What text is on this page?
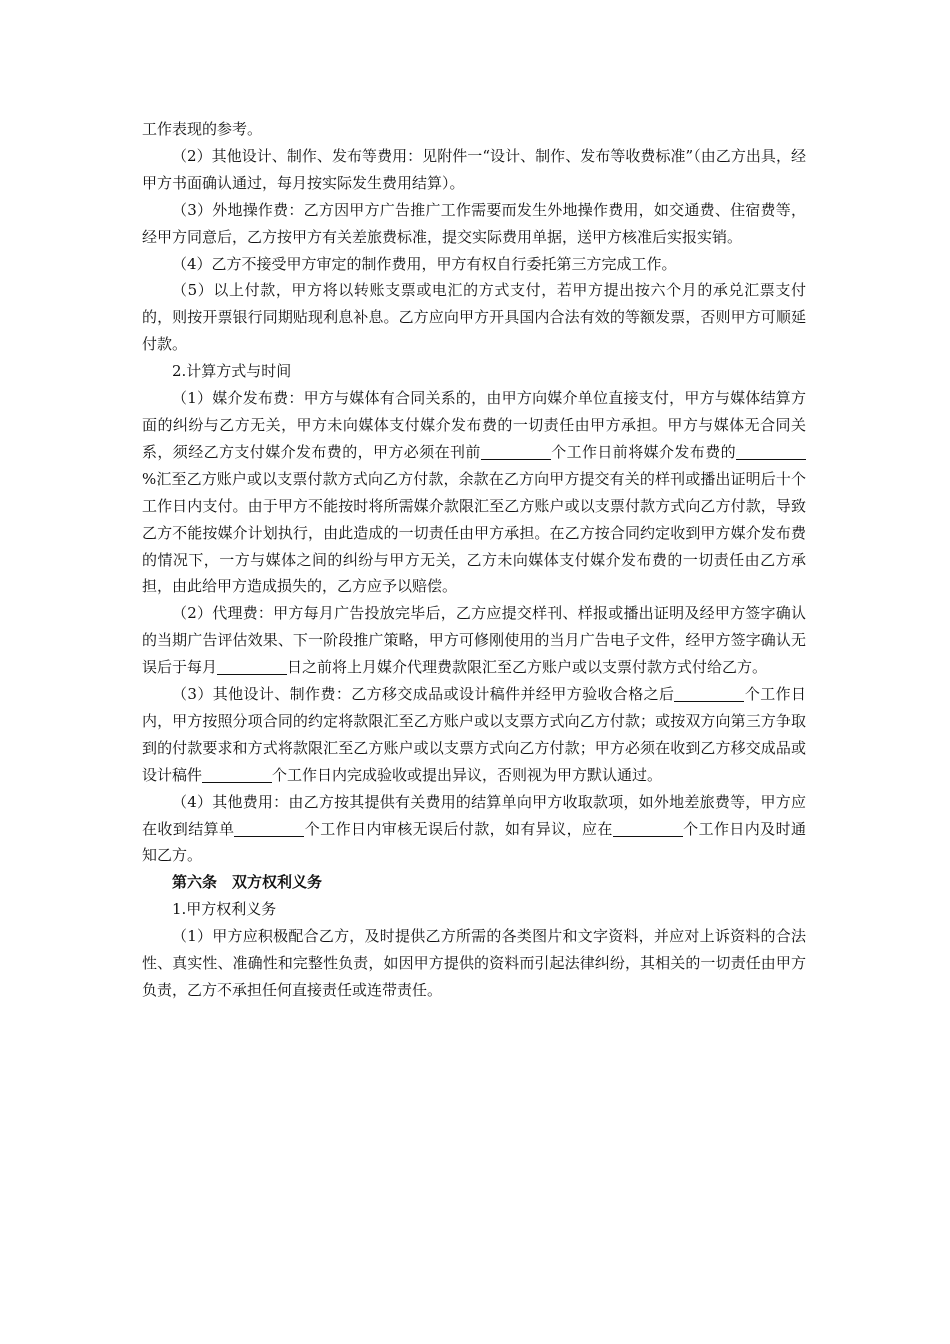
工作表现的参考。

（2）其他设计、制作、发布等费用：见附件一“设计、制作、发布等收费标准”（由乙方出具，经甲方书面确认通过，每月按实际发生费用结算）。

（3）外地操作费：乙方因甲方广告推广工作需要而发生外地操作费用，如交通费、住宿费等，经甲方同意后，乙方按甲方有关差旅费标准，提交实际费用单据，送甲方核准后实报实销。

（4）乙方不接受甲方审定的制作费用，甲方有权自行委托第三方完成工作。

（5）以上付款，甲方将以转账支票或电汇的方式支付，若甲方提出按六个月的承兑汇票支付的，则按开票银行同期贴现利息补息。乙方应向甲方开具国内合法有效的等额发票，否则甲方可顺延付款。

2.计算方式与时间

（1）媒介发布费：甲方与媒体有合同关系的，由甲方向媒介单位直接支付，甲方与媒体结算方面的纠纷与乙方无关，甲方未向媒体支付媒介发布费的一切责任由甲方承担。甲方与媒体无合同关系，须经乙方支付媒介发布费的，甲方必须在刊前	个工作日前将媒介发布费的%汇至乙方账户或以支票付款方式向乙方付款，余款在乙方向甲方提交有关的样刊或播出证明后十个工作日内支付。由于甲方不能按时将所需媒介款限汇至乙方账户或以支票付款方式向乙方付款，导致乙方不能按媒介计划执行，由此造成的一切责任由甲方承担。在乙方按合同约定收到甲方媒介发布费的情况下，一方与媒体之间的纠纷与甲方无关，乙方未向媒体支付媒介发布费的一切责任由乙方承担，由此给甲方造成损失的，乙方应予以赔偿。

（2）代理费：甲方每月广告投放完毕后，乙方应提交样刊、样报或播出证明及经甲方签字确认的当期广告评估效果、下一阶段推广策略，甲方可修刚使用的当月广告电子文件，经甲方签字确认无误后于每月	日之前将上月媒介代理费款限汇至乙方账户或以支票付款方式付给乙方。

（3）其他设计、制作费：乙方移交成品或设计稿件并经甲方验收合格之后	个工作日内，甲方按照分项合同的约定将款限汇至乙方账户或以支票方式向乙方付款；或按双方向第三方争取到的付款要求和方式将款限汇至乙方账户或以支票方式向乙方付款；甲方必须在收到乙方移交成品或设计稿件	个工作日内完成验收或提出异议，否则视为甲方默认通过。

（4）其他费用：由乙方按其提供有关费用的结算单向甲方收取款项，如外地差旅费等，甲方应在收到结算单	个工作日内审核无误后付款，如有异议，应在	个工作日内及时通知乙方。

第六条　双方权利义务

1.甲方权利义务

（1）甲方应积极配合乙方，及时提供乙方所需的各类图片和文字资料，并应对上诉资料的合法性、真实性、准确性和完整性负责，如因甲方提供的资料而引起法律纠纷，其相关的一切责任由甲方负责，乙方不承担任何直接责任或连带责任。
